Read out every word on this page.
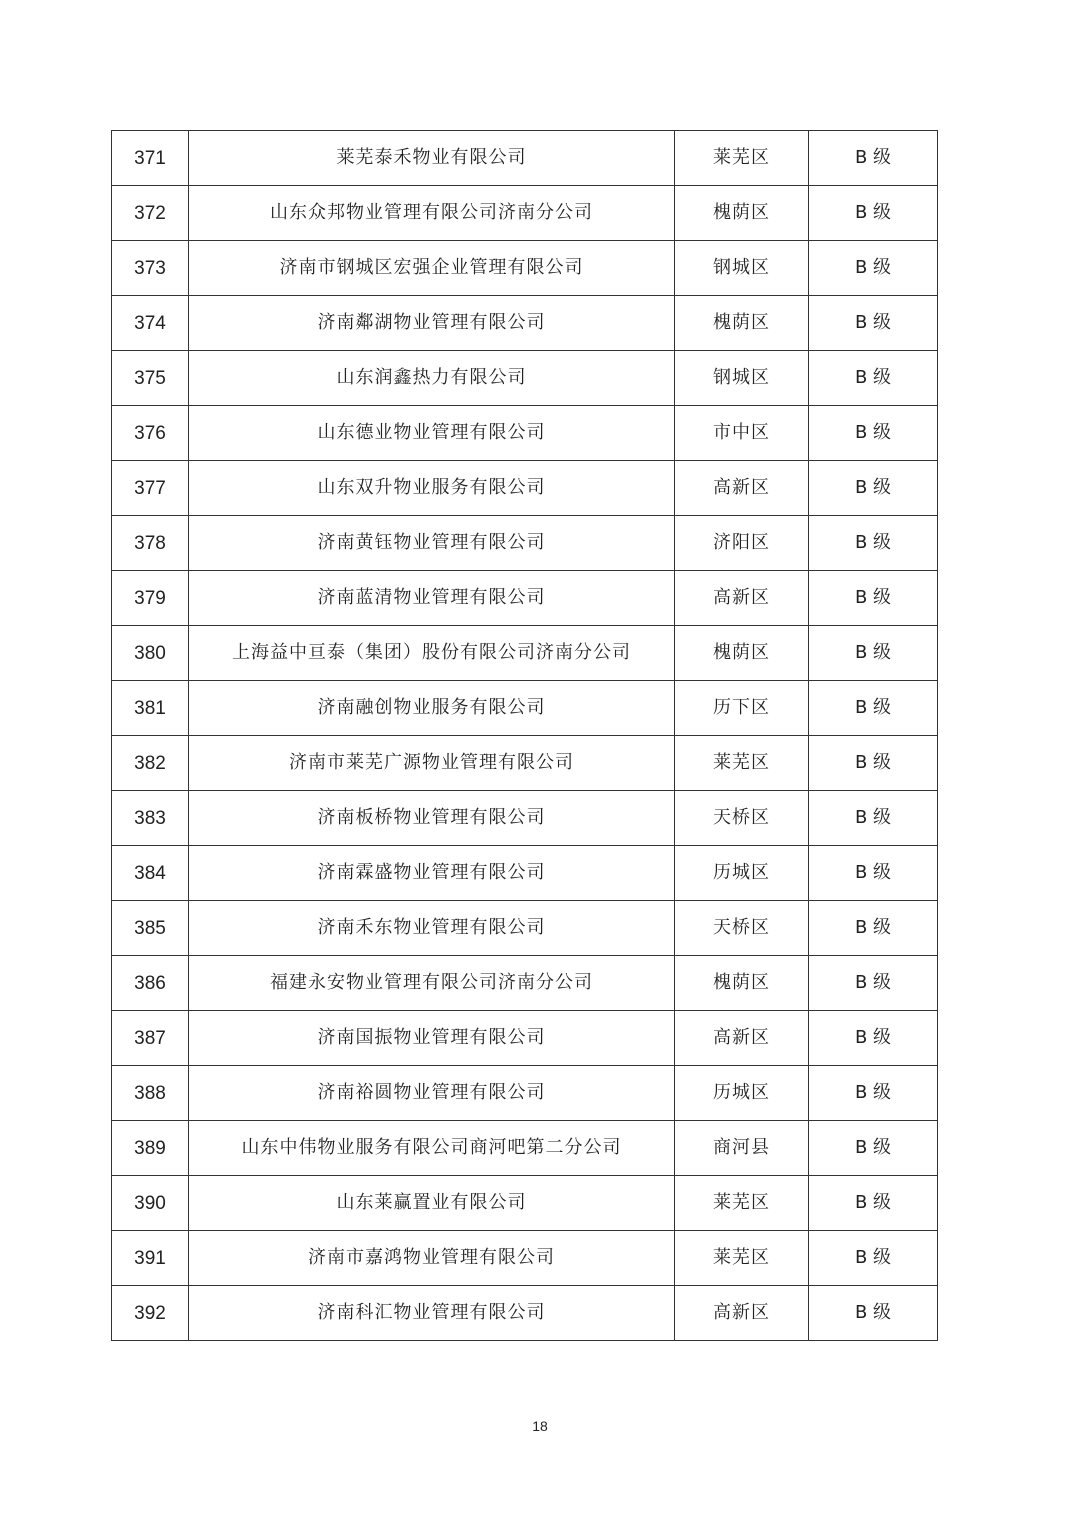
371	莱芜泰禾物业有限公司	莱芜区	B 级
372	山东众邦物业管理有限公司济南分公司	槐荫区	B 级
373	济南市钢城区宏强企业管理有限公司	钢城区	B 级
374	济南鄰湖物业管理有限公司	槐荫区	B 级
375	山东润鑫热力有限公司	钢城区	B 级
376	山东德业物业管理有限公司	市中区	B 级
377	山东双升物业服务有限公司	高新区	B 级
378	济南黄钰物业管理有限公司	济阳区	B 级
379	济南蓝清物业管理有限公司	高新区	B 级
380	上海益中亘泰（集团）股份有限公司济南分公司	槐荫区	B 级
381	济南融创物业服务有限公司	历下区	B 级
382	济南市莱芜广源物业管理有限公司	莱芜区	B 级
383	济南板桥物业管理有限公司	天桥区	B 级
384	济南霖盛物业管理有限公司	历城区	B 级
385	济南禾东物业管理有限公司	天桥区	B 级
386	福建永安物业管理有限公司济南分公司	槐荫区	B 级
387	济南国振物业管理有限公司	高新区	B 级
388	济南裕圆物业管理有限公司	历城区	B 级
389	山东中伟物业服务有限公司商河吧第二分公司	商河县	B 级
390	山东莱赢置业有限公司	莱芜区	B 级
391	济南市嘉鸿物业管理有限公司	莱芜区	B 级
392	济南科汇物业管理有限公司	高新区	B 级
18
